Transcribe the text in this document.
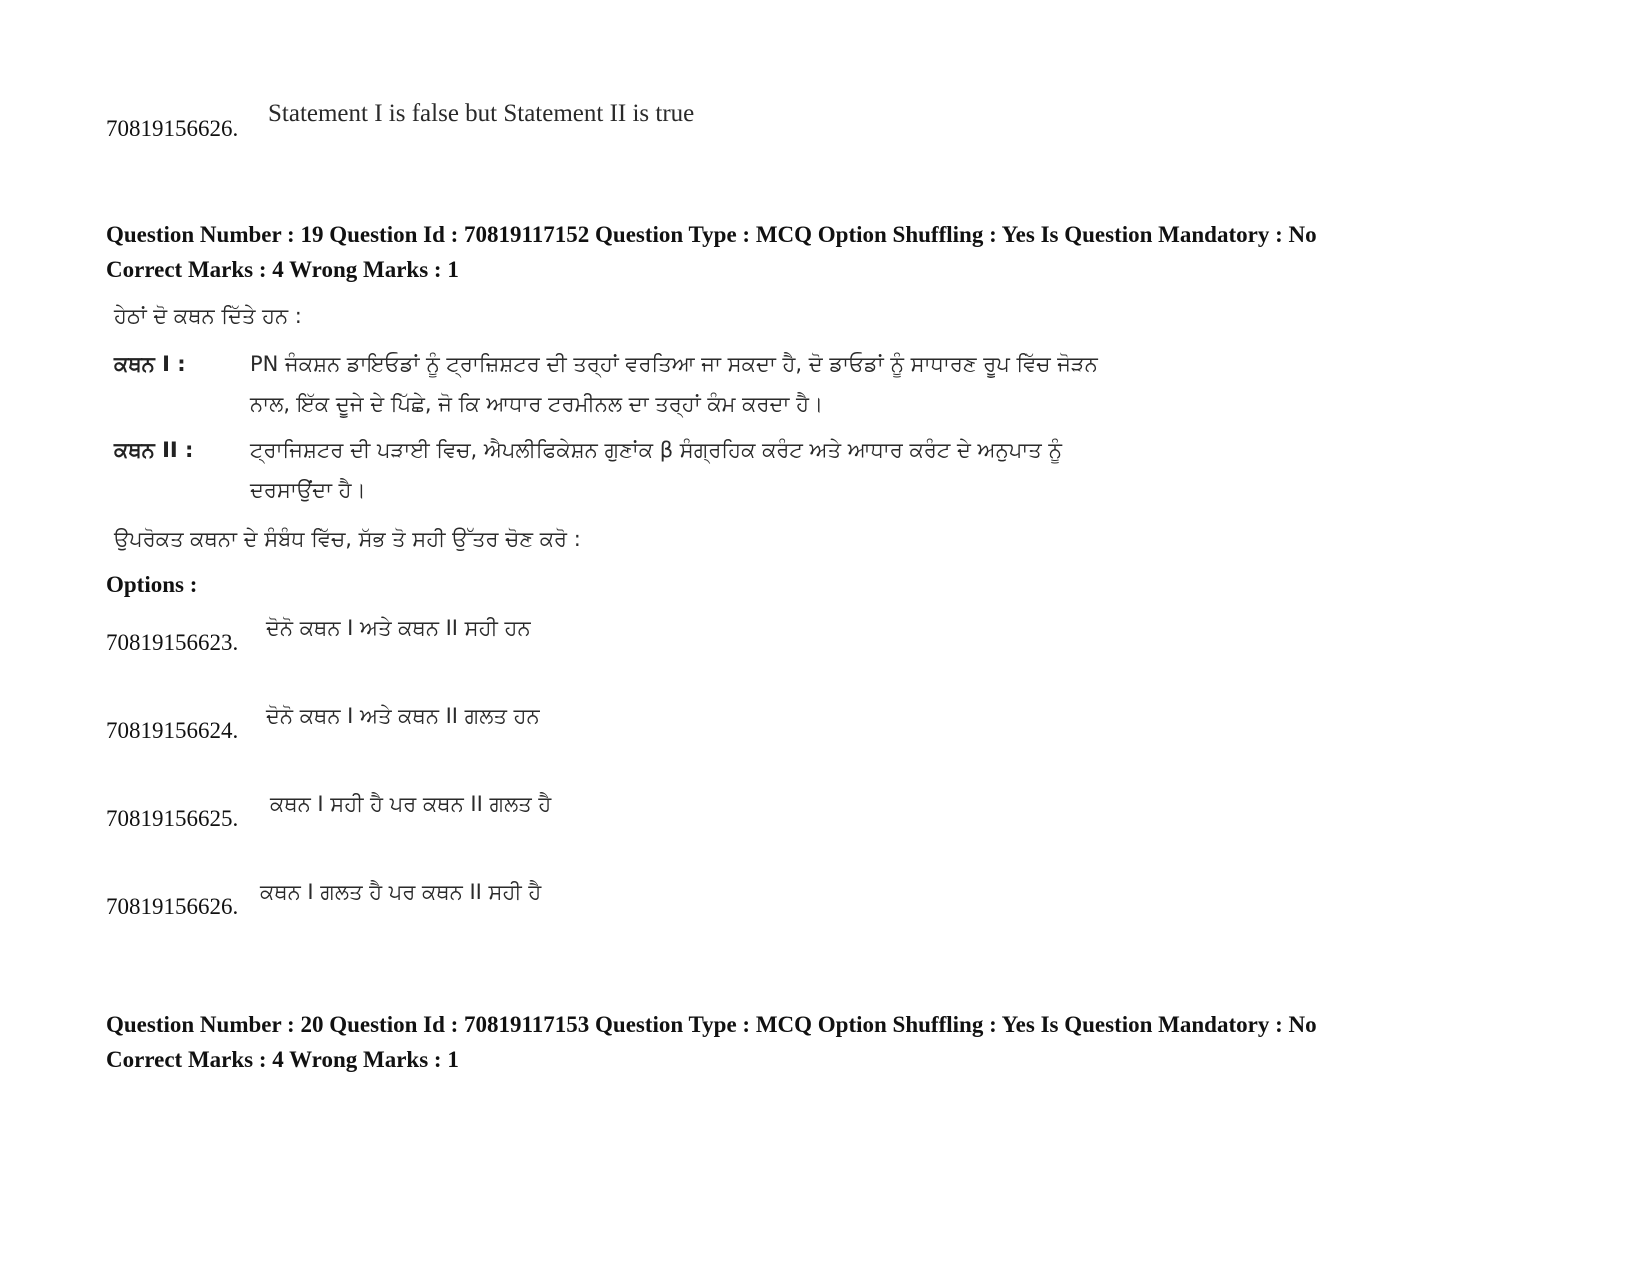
70819156626.
Statement I is false but Statement II is true
Question Number : 19 Question Id : 70819117152 Question Type : MCQ Option Shuffling : Yes Is Question Mandatory : No
Correct Marks : 4 Wrong Marks : 1
ਹੇਠਾਂ ਦੋ ਕਥਨ ਦਿੱਤੇ ਹਨ :
ਕਥਨ I :	PN ਜੰਕਸ਼ਨ ਡਾਇਓਡਾਂ ਨੂੰ ਟ੍ਰਾਜ਼ਿਸ਼ਟਰ ਦੀ ਤਰ੍ਹਾਂ ਵਰਤਿਆ ਜਾ ਸਕਦਾ ਹੈ, ਦੋ ਡਾਓਡਾਂ ਨੂੰ ਸਾਧਾਰਣ ਰੂਪ ਵਿੱਚ ਜੋੜਨ
ਨਾਲ, ਇੱਕ ਦੂਜੇ ਦੇ ਪਿੱਛੇ, ਜੋ ਕਿ ਆਧਾਰ ਟਰਮੀਨਲ ਦਾ ਤਰ੍ਹਾਂ ਕੰਮ ਕਰਦਾ ਹੈ।
ਕਥਨ II :	ਟ੍ਰਾਜਿਸ਼ਟਰ ਦੀ ਪੜਾਈ ਵਿਚ, ਐਪਲੀਫਿਕੇਸ਼ਨ ਗੁਣਾਂਕ β ਸੰਗ੍ਰਹਿਕ ਕਰੰਟ ਅਤੇ ਆਧਾਰ ਕਰੰਟ ਦੇ ਅਨੁਪਾਤ ਨੂੰ
ਦਰਸਾਉਂਦਾ ਹੈ।
ਉਪਰੋਕਤ ਕਥਨਾ ਦੇ ਸੰਬੰਧ ਵਿੱਚ, ਸੱਭ ਤੋ ਸਹੀ ਉੱਤਰ ਚੋਣ ਕਰੋ :
Options :
70819156623.
ਦੋਨੋ ਕਥਨ I ਅਤੇ ਕਥਨ II ਸਹੀ ਹਨ
70819156624.
ਦੋਨੋ ਕਥਨ I ਅਤੇ ਕਥਨ II ਗਲਤ ਹਨ
70819156625.
ਕਥਨ I ਸਹੀ ਹੈ ਪਰ ਕਥਨ II ਗਲਤ ਹੈ
70819156626.
ਕਥਨ I ਗਲਤ ਹੈ ਪਰ ਕਥਨ II ਸਹੀ ਹੈ
Question Number : 20 Question Id : 70819117153 Question Type : MCQ Option Shuffling : Yes Is Question Mandatory : No
Correct Marks : 4 Wrong Marks : 1
